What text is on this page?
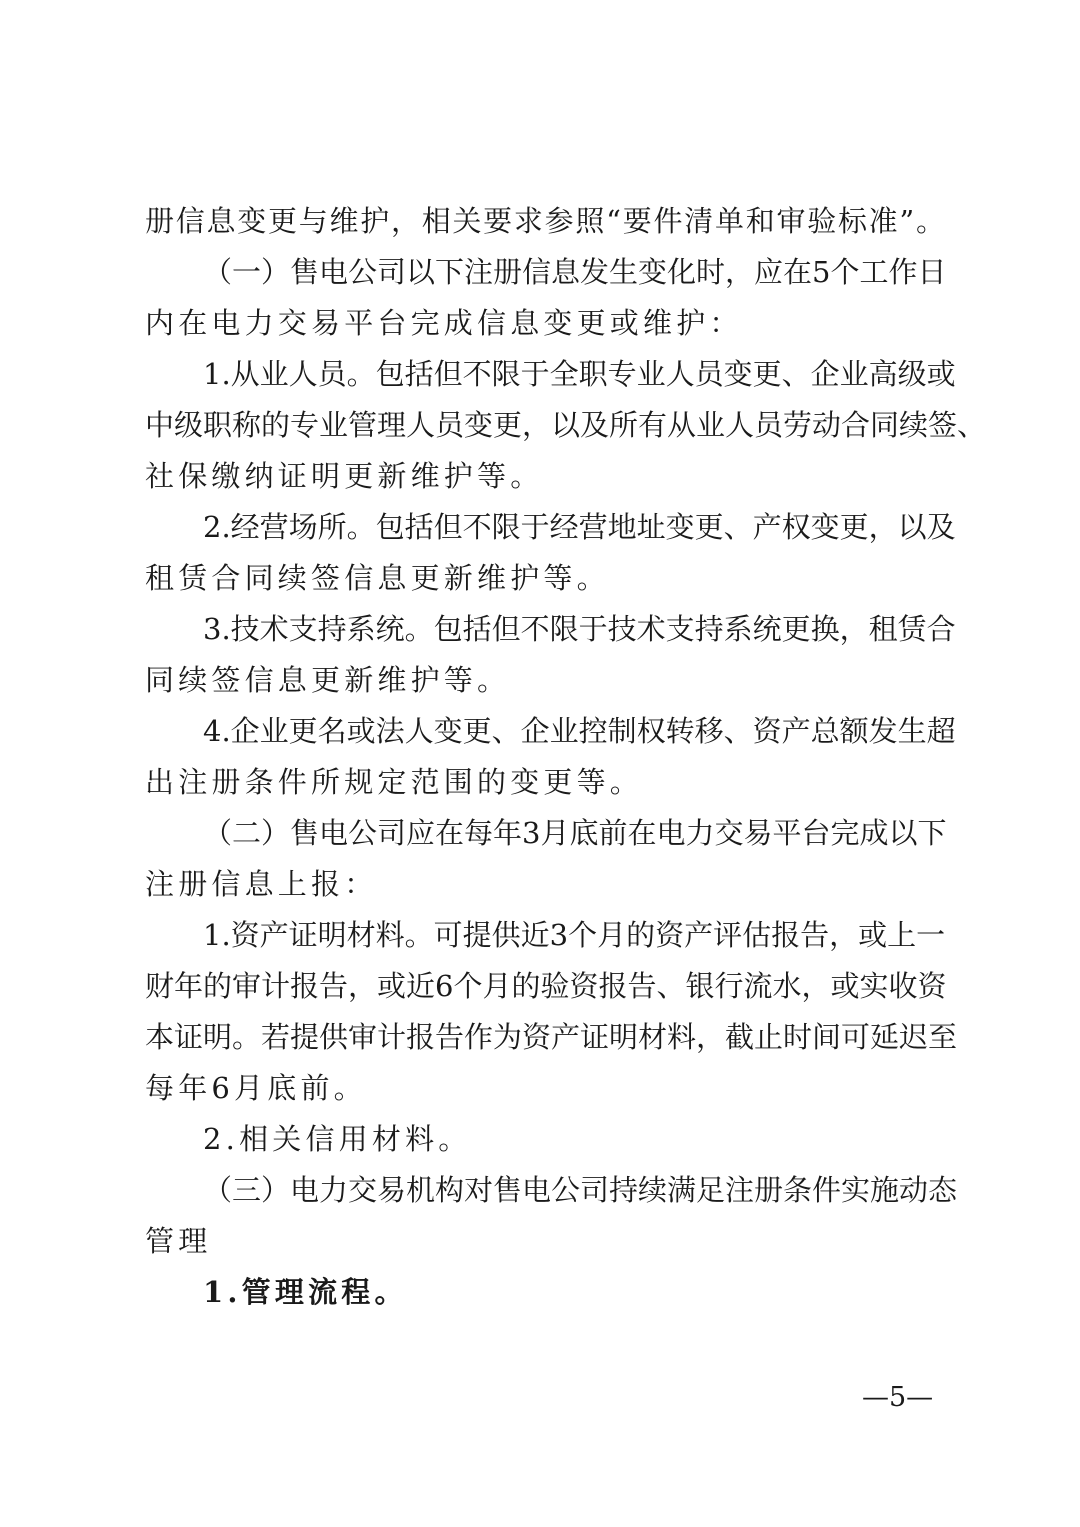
册信息变更与维护，相关要求参照“要件清单和审验标准”。
（一）售电公司以下注册信息发生变化时，应在5个工作日
内在电力交易平台完成信息变更或维护：
1.从业人员。包括但不限于全职专业人员变更、企业高级或
中级职称的专业管理人员变更，以及所有从业人员劳动合同续签、
社保缴纳证明更新维护等。
2.经营场所。包括但不限于经营地址变更、产权变更，以及
租赁合同续签信息更新维护等。
3.技术支持系统。包括但不限于技术支持系统更换，租赁合
同续签信息更新维护等。
4.企业更名或法人变更、企业控制权转移、资产总额发生超
出注册条件所规定范围的变更等。
（二）售电公司应在每年3月底前在电力交易平台完成以下
注册信息上报：
1.资产证明材料。可提供近3个月的资产评估报告，或上一
财年的审计报告，或近6个月的验资报告、银行流水，或实收资
本证明。若提供审计报告作为资产证明材料，截止时间可延迟至
每年6月底前。
2.相关信用材料。
（三）电力交易机构对售电公司持续满足注册条件实施动态
管理
1.管理流程。
—5—
